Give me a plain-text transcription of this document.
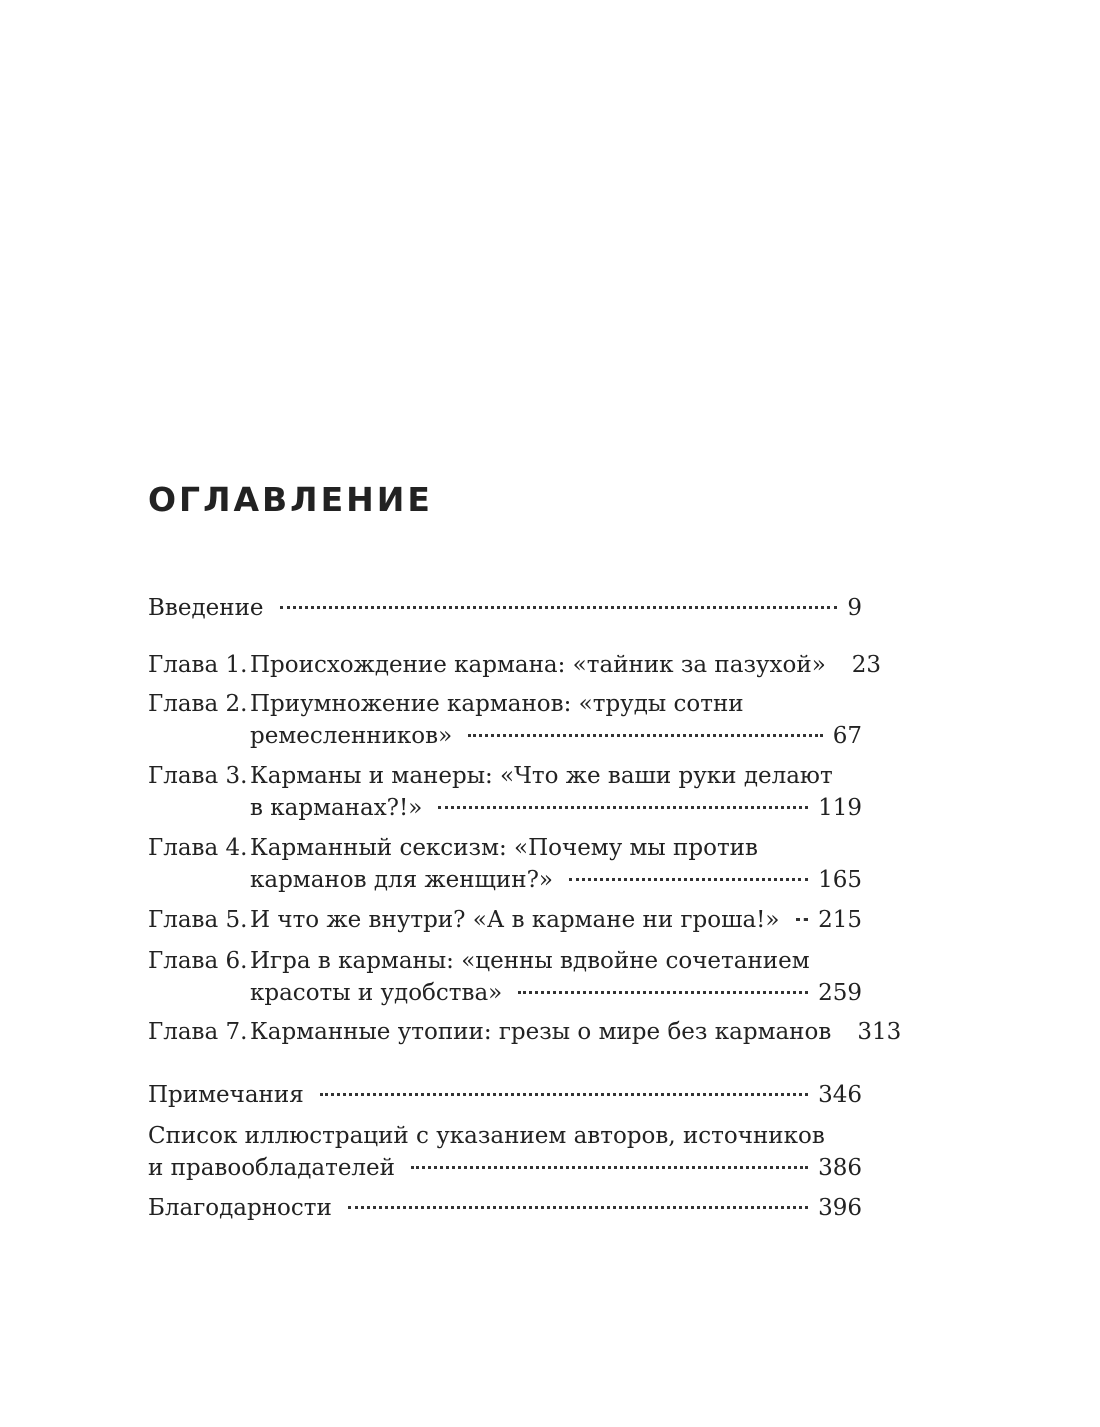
ОГЛАВЛЕНИЕ
Введение	9
Глава 1. Происхождение кармана: «тайник за пазухой» 23
Глава 2. Приумножение карманов: «труды сотни
ремесленников»	67
Глава 3. Карманы и манеры: «Что же ваши руки делают
в карманах?!»	119
Глава 4. Карманный сексизм: «Почему мы против
карманов для женщин?»	165
Глава 5. И что же внутри? «А в кармане ни гроша!» 215
Глава 6. Игра в карманы: «ценны вдвойне сочетанием
красоты и удобства»	259
Глава 7. Карманные утопии: грезы о мире без карманов 313
Примечания	346
Список иллюстраций с указанием авторов, источников
и правообладателей	386
Благодарности	396
